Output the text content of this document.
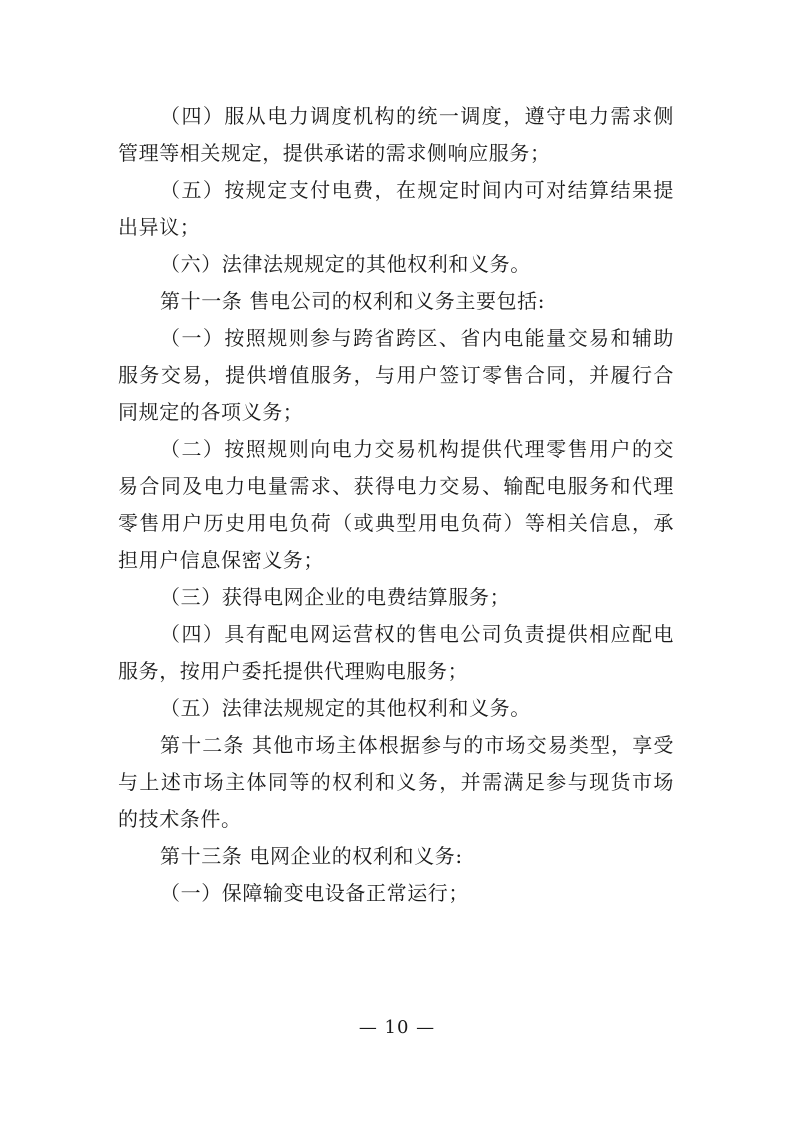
（四）服从电力调度机构的统一调度，遵守电力需求侧管理等相关规定，提供承诺的需求侧响应服务；

（五）按规定支付电费，在规定时间内可对结算结果提出异议；

（六）法律法规规定的其他权利和义务。

第十一条 售电公司的权利和义务主要包括:

（一）按照规则参与跨省跨区、省内电能量交易和辅助服务交易，提供增值服务，与用户签订零售合同，并履行合同规定的各项义务；

（二）按照规则向电力交易机构提供代理零售用户的交易合同及电力电量需求、获得电力交易、输配电服务和代理零售用户历史用电负荷（或典型用电负荷）等相关信息，承担用户信息保密义务；

（三）获得电网企业的电费结算服务；

（四）具有配电网运营权的售电公司负责提供相应配电服务，按用户委托提供代理购电服务；

（五）法律法规规定的其他权利和义务。

第十二条 其他市场主体根据参与的市场交易类型，享受与上述市场主体同等的权利和义务，并需满足参与现货市场的技术条件。

第十三条 电网企业的权利和义务:

（一）保障输变电设备正常运行；

— 10 —
